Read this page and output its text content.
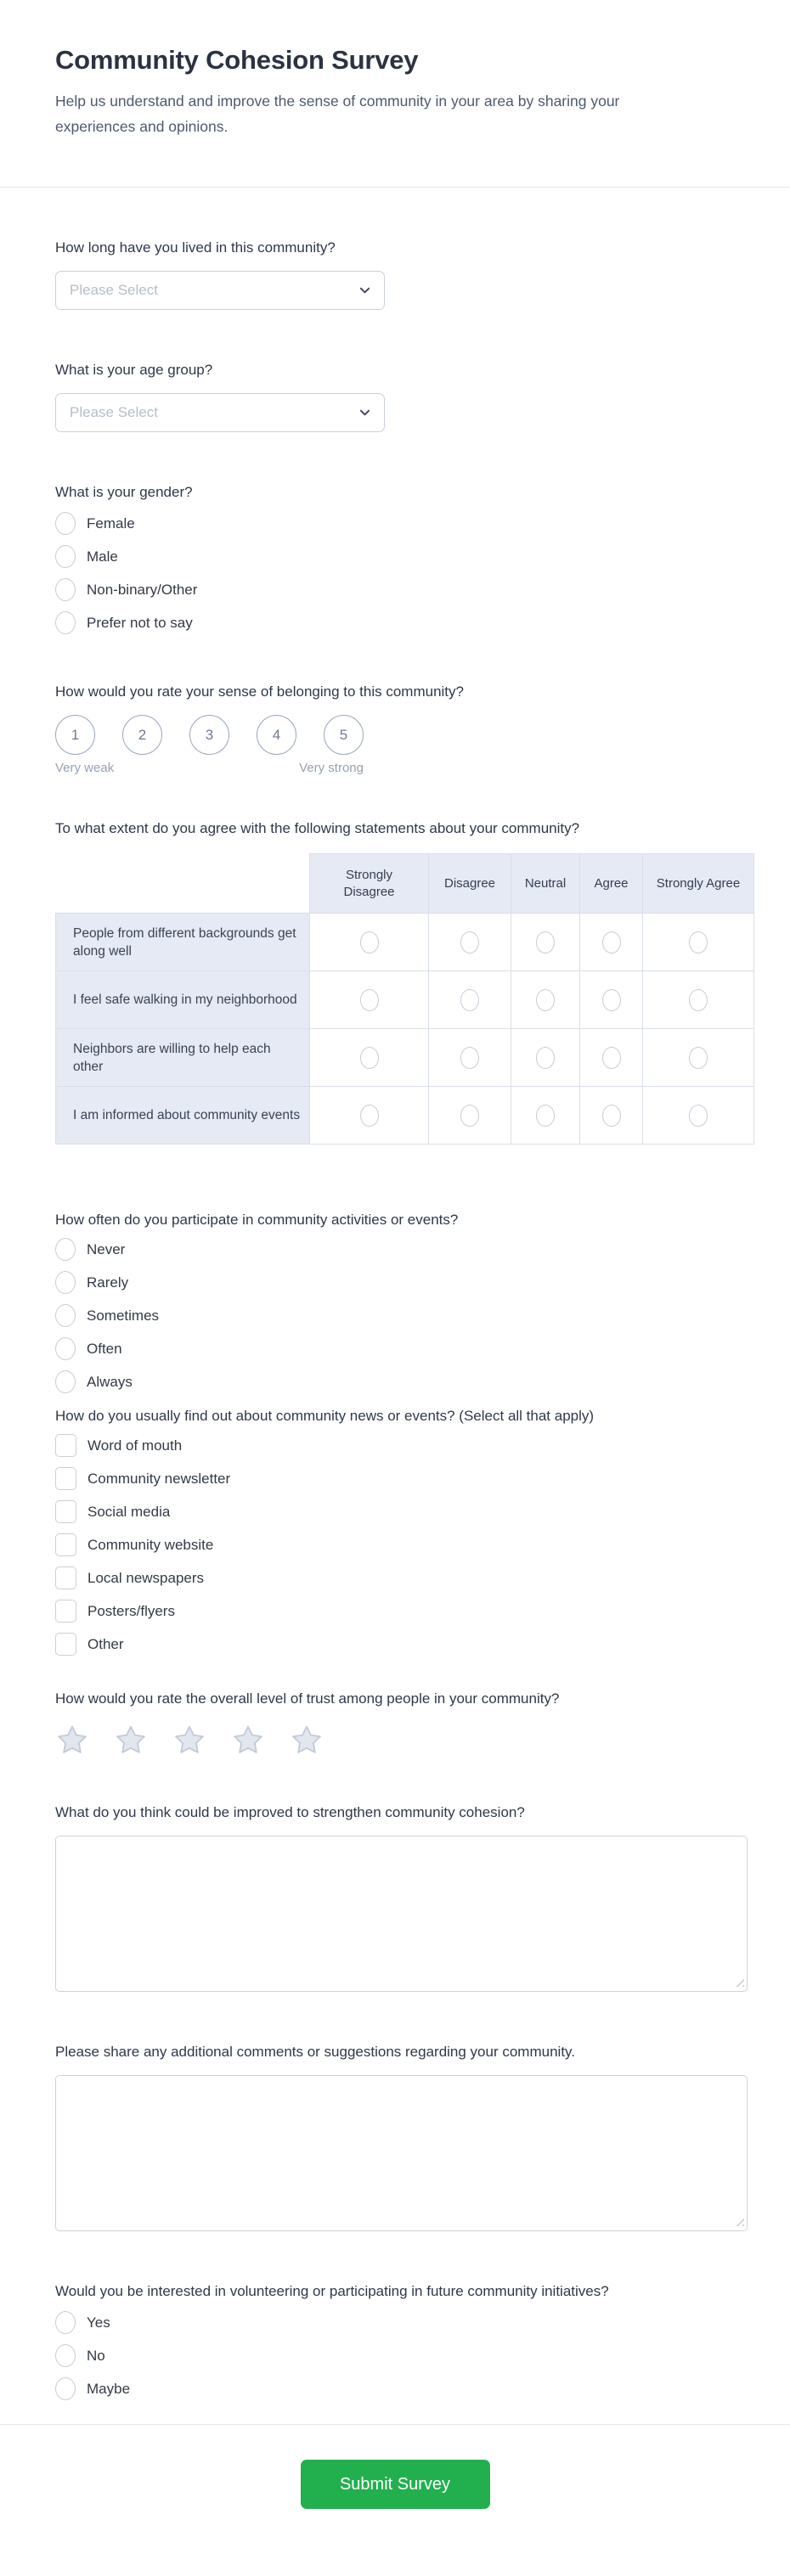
Community Cohesion Survey

Help us understand and improve the sense of community in your area by sharing your experiences and opinions.

How long have you lived in this community?
Please Select
What is your age group?
Please Select
What is your gender?
Female
Male
Non-binary/Other
Prefer not to say
How would you rate your sense of belonging to this community?
1	2	3	4	5
Very weak	Very strong
To what extent do you agree with the following statements about your community?
	Strongly Disagree	Disagree	Neutral	Agree	Strongly Agree
People from different backgrounds get along well					
I feel safe walking in my neighborhood					
Neighbors are willing to help each other					
I am informed about community events					
How often do you participate in community activities or events?
Never
Rarely
Sometimes
Often
Always
How do you usually find out about community news or events? (Select all that apply)
Word of mouth
Community newsletter
Social media
Community website
Local newspapers
Posters/flyers
Other
How would you rate the overall level of trust among people in your community?
What do you think could be improved to strengthen community cohesion?
Please share any additional comments or suggestions regarding your community.
Would you be interested in volunteering or participating in future community initiatives?
Yes
No
Maybe
Submit Survey
